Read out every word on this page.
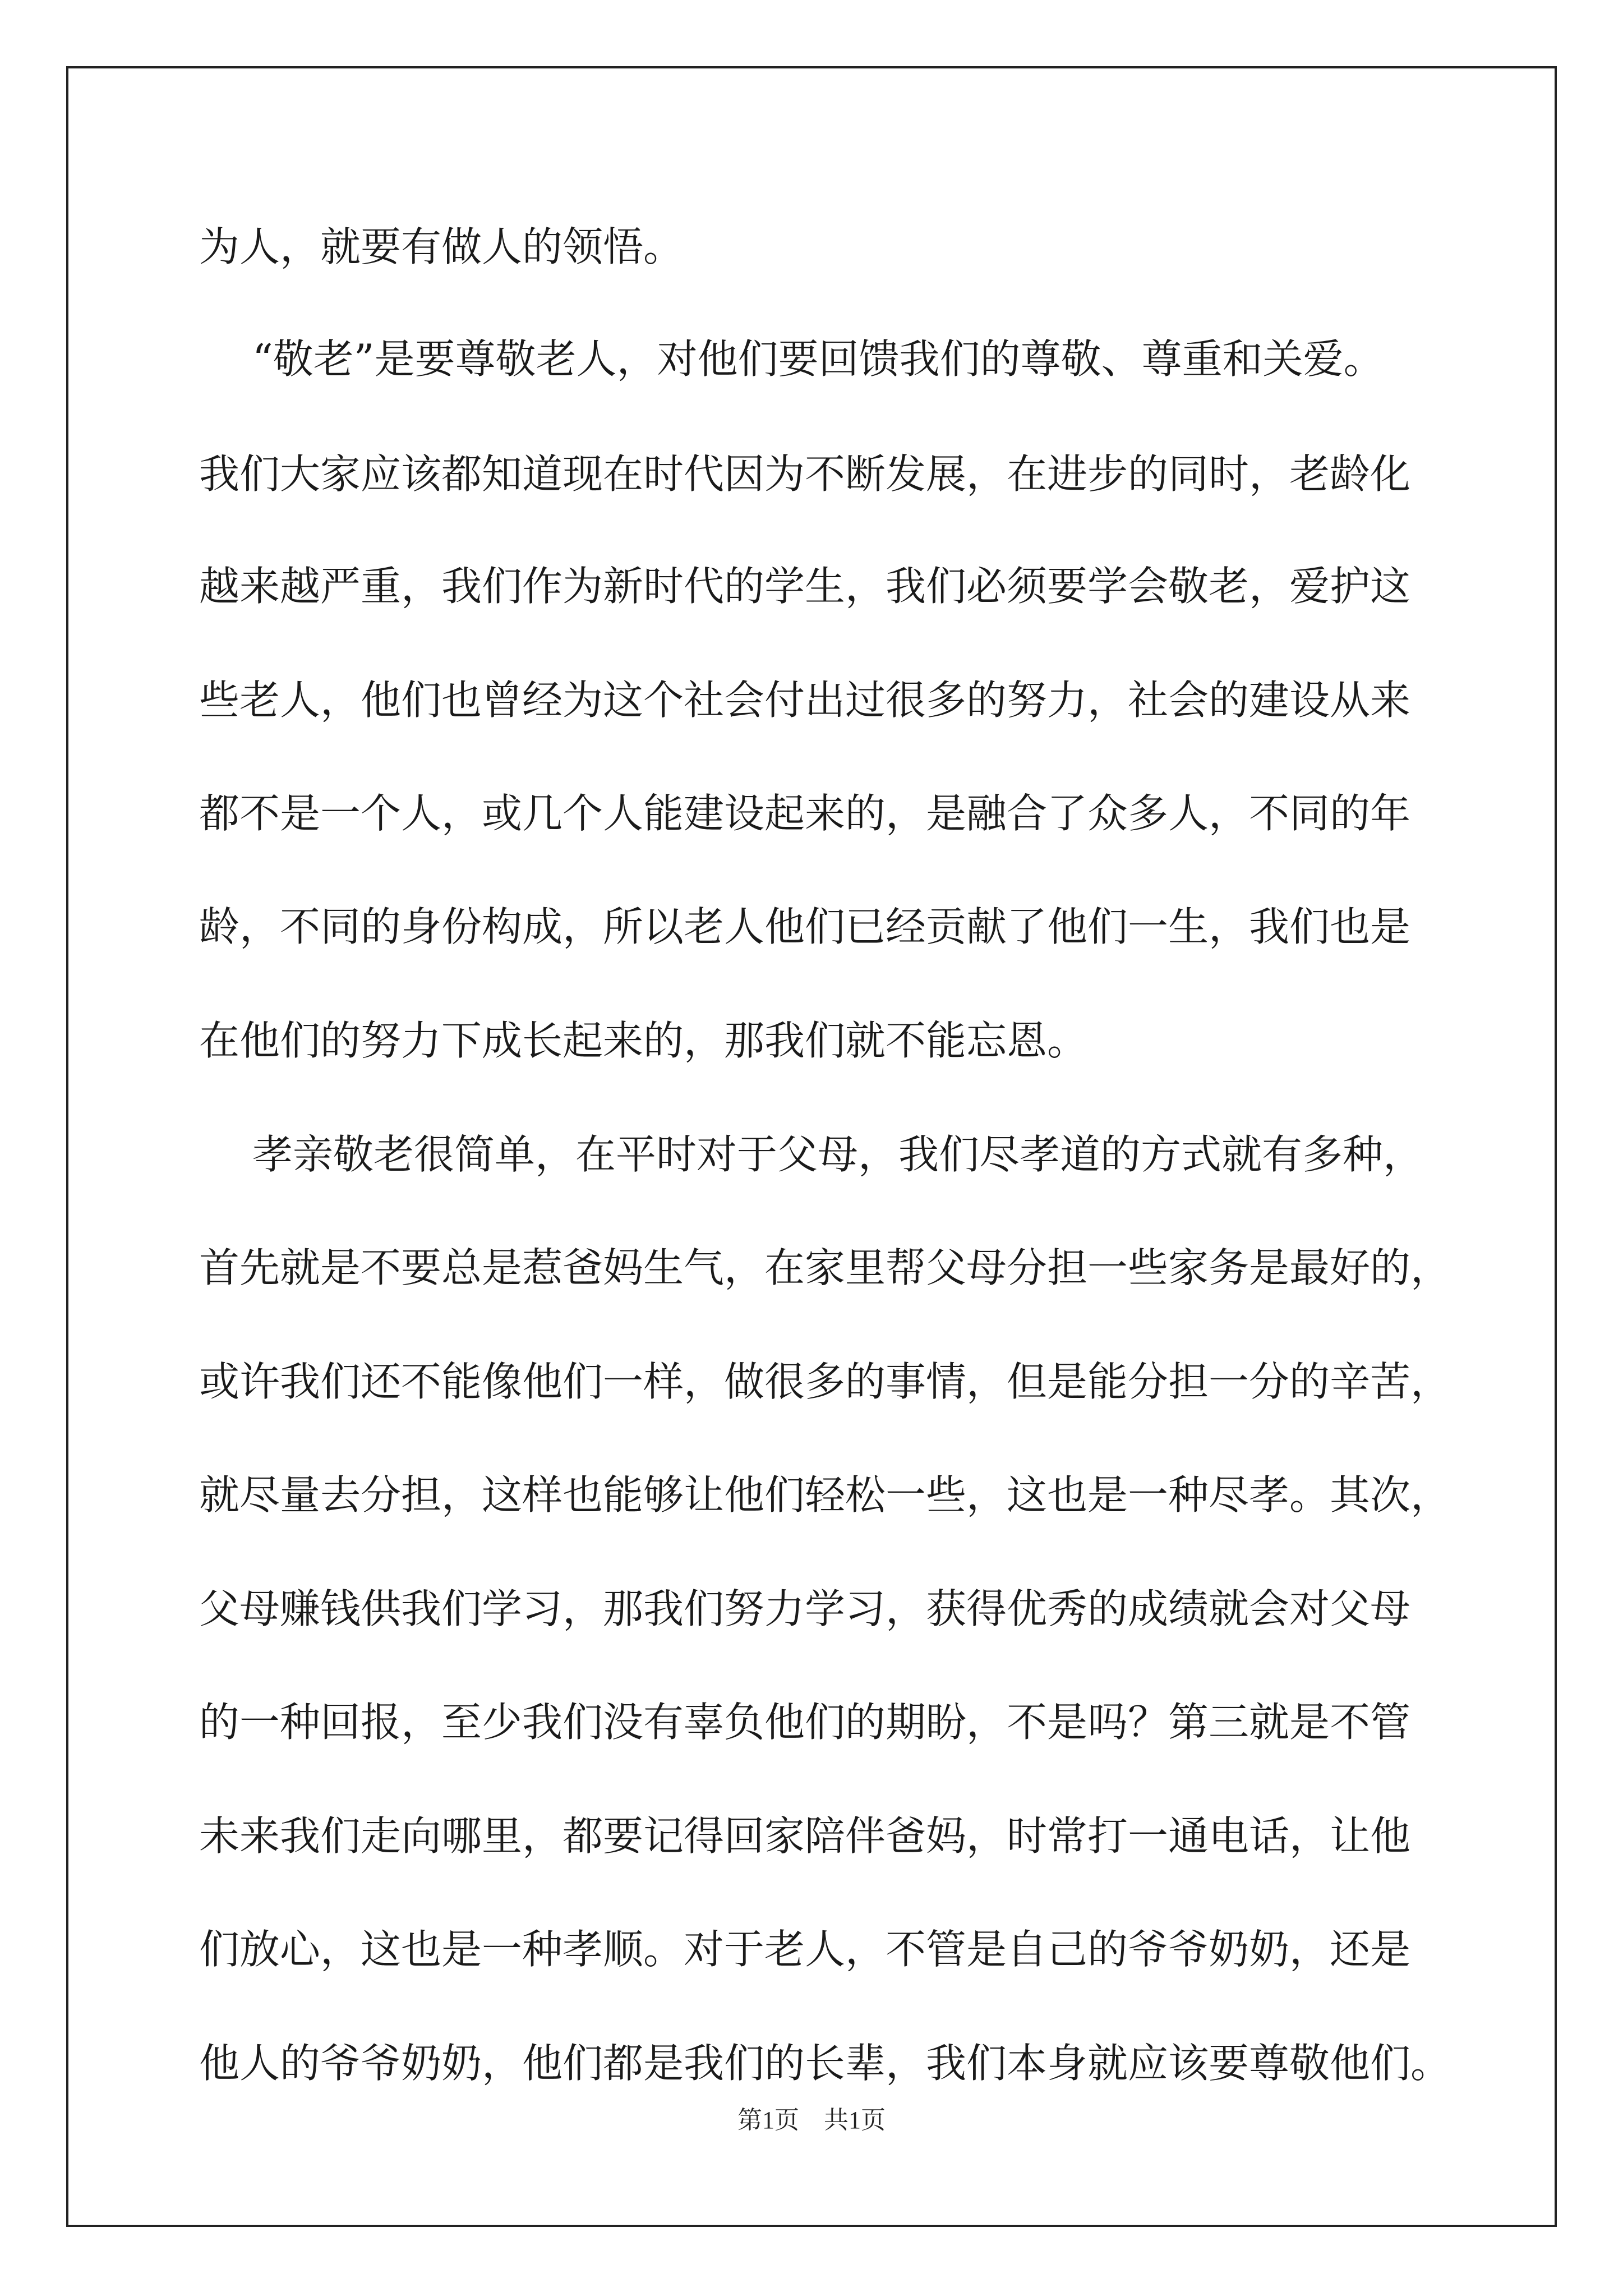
为人，就要有做人的领悟。
“敬老”是要尊敬老人，对他们要回馈我们的尊敬、尊重和关爱。
我们大家应该都知道现在时代因为不断发展，在进步的同时，老龄化
越来越严重，我们作为新时代的学生，我们必须要学会敬老，爱护这
些老人，他们也曾经为这个社会付出过很多的努力，社会的建设从来
都不是一个人，或几个人能建设起来的，是融合了众多人，不同的年
龄，不同的身份构成，所以老人他们已经贡献了他们一生，我们也是
在他们的努力下成长起来的，那我们就不能忘恩。
孝亲敬老很简单，在平时对于父母，我们尽孝道的方式就有多种，
首先就是不要总是惹爸妈生气，在家里帮父母分担一些家务是最好的，
或许我们还不能像他们一样，做很多的事情，但是能分担一分的辛苦，
就尽量去分担，这样也能够让他们轻松一些，这也是一种尽孝。其次，
父母赚钱供我们学习，那我们努力学习，获得优秀的成绩就会对父母
的一种回报，至少我们没有辜负他们的期盼，不是吗？第三就是不管
未来我们走向哪里，都要记得回家陪伴爸妈，时常打一通电话，让他
们放心，这也是一种孝顺。对于老人，不管是自己的爷爷奶奶，还是
他人的爷爷奶奶，他们都是我们的长辈，我们本身就应该要尊敬他们。
第1页　共1页
